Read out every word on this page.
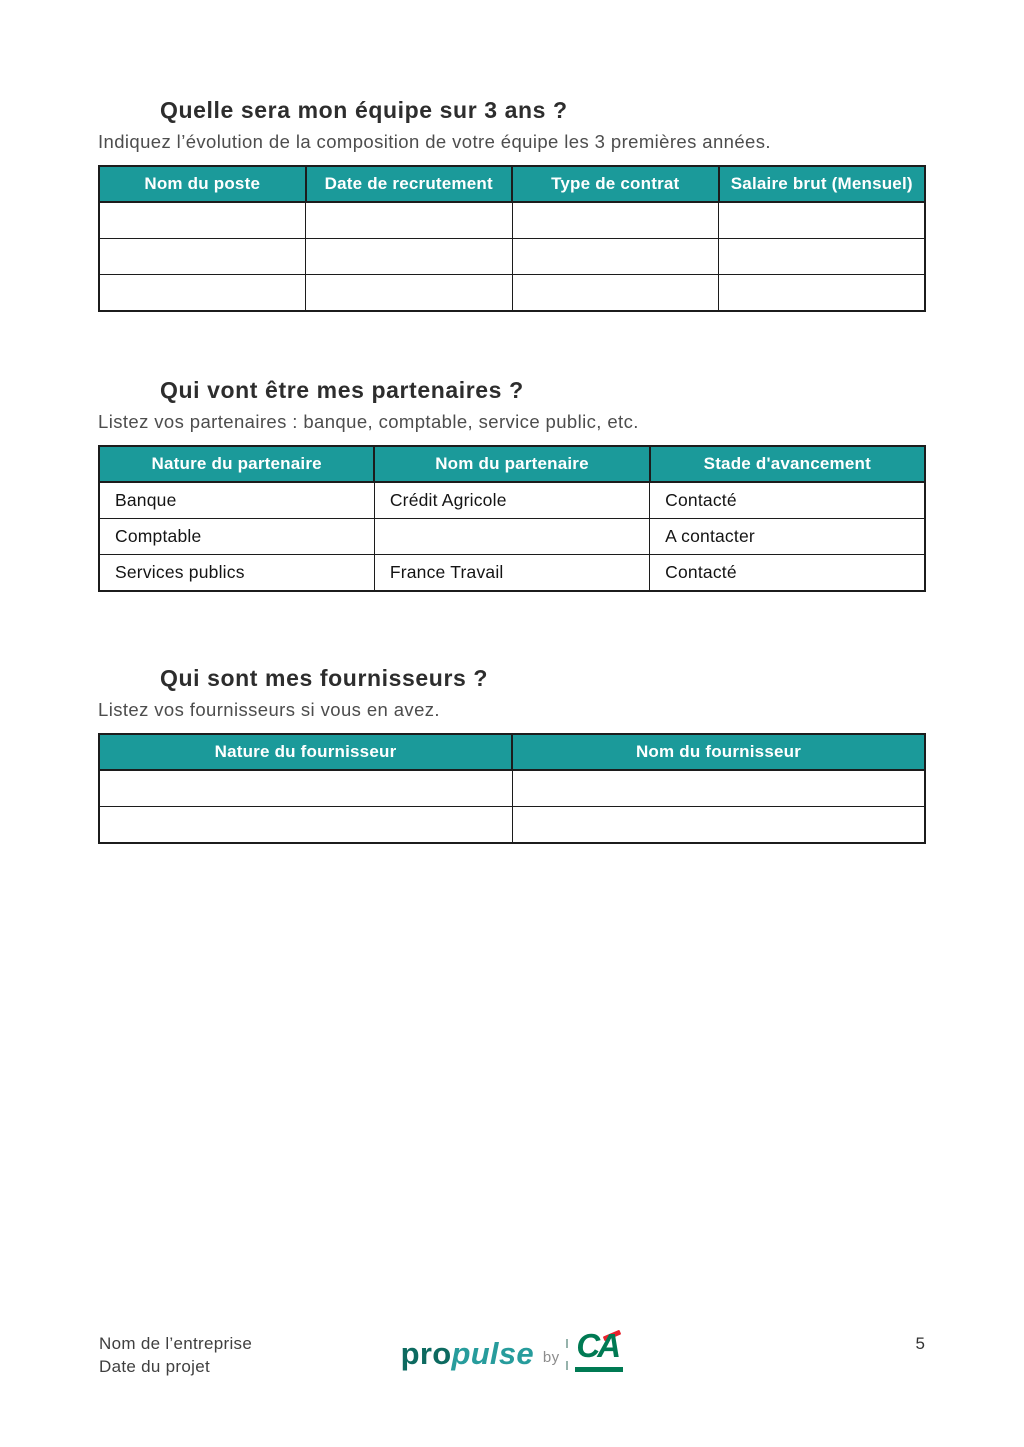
Quelle sera mon équipe sur 3 ans ?

Indiquez l’évolution de la composition de votre équipe les 3 premières années.

Nom du poste	Date de recrutement	Type de contrat	Salaire brut (Mensuel)

Qui vont être mes partenaires ?

Listez vos partenaires : banque, comptable, service public, etc.

Nature du partenaire	Nom du partenaire	Stade d'avancement
Banque	Crédit Agricole	Contacté
Comptable		A contacter
Services publics	France Travail	Contacté
Qui sont mes fournisseurs ?

Listez vos fournisseurs si vous en avez.

Nature du fournisseur	Nom du fournisseur

Nom de l’entreprise
Date du projet	pro pulse by CA	5
